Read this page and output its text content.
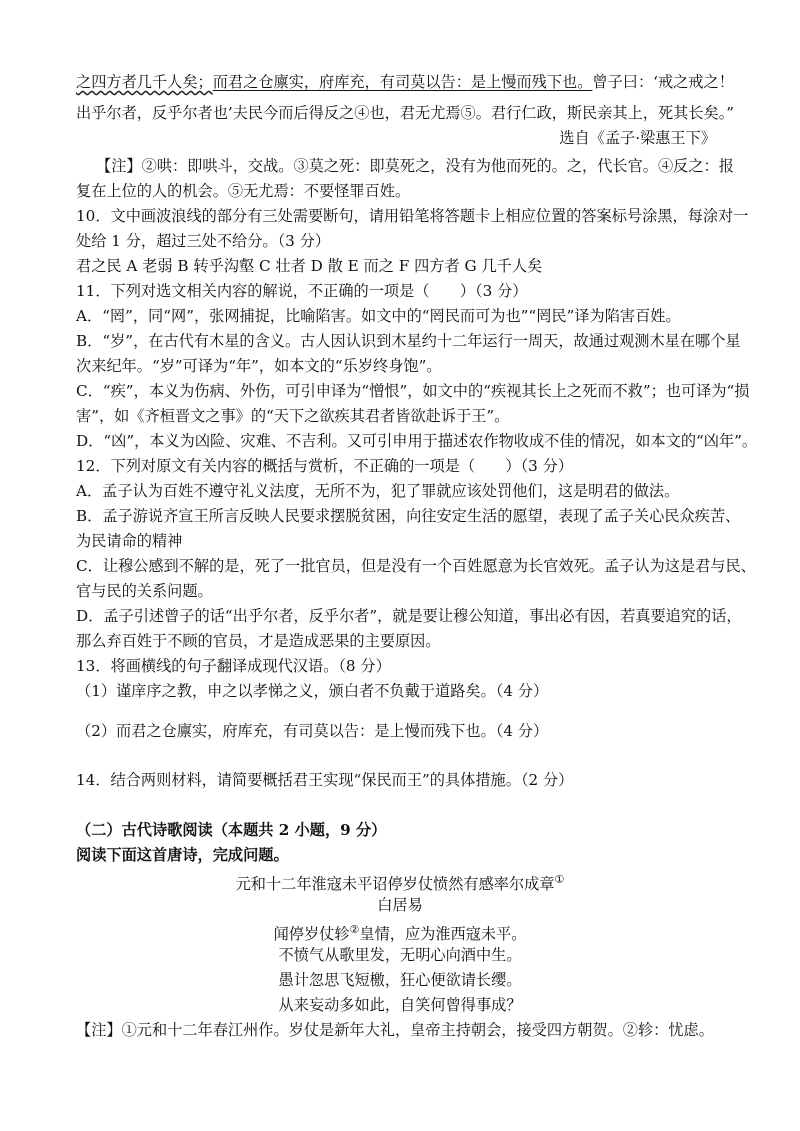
之四方者几千人矣；而君之仓廪实，府库充，有司莫以告：是上慢而残下也。曾子曰：‘戒之戒之！
出乎尔者，反乎尔者也’夫民今而后得反之④也，君无尤焉⑤。君行仁政，斯民亲其上，死其长矣。”
选自《孟子·梁惠王下》
【注】②哄：即哄斗，交战。③莫之死：即莫死之，没有为他而死的。之，代长官。④反之：报
复在上位的人的机会。⑤无尤焉：不要怪罪百姓。
10．文中画波浪线的部分有三处需要断句，请用铅笔将答题卡上相应位置的答案标号涂黑，每涂对一
处给 1 分，超过三处不给分。（3 分）
君之民 A 老弱 B 转乎沟壑 C 壮者 D 散 E 而之 F 四方者 G 几千人矣
11．下列对选文相关内容的解说，不正确的一项是（　　）（3 分）
A．“罔”，同“网”，张网捕捉，比喻陷害。如文中的“罔民而可为也”“罔民”译为陷害百姓。
B．“岁”，在古代有木星的含义。古人因认识到木星约十二年运行一周天，故通过观测木星在哪个星
次来纪年。“岁”可译为“年”，如本文的“乐岁终身饱”。
C．“疾”，本义为伤病、外伤，可引申译为“憎恨”，如文中的“疾视其长上之死而不救”；也可译为“损
害”，如《齐桓晋文之事》的“天下之欲疾其君者皆欲赴诉于王”。
D．“凶”，本义为凶险、灾难、不吉利。又可引申用于描述农作物收成不佳的情况，如本文的“凶年”。
12．下列对原文有关内容的概括与赏析，不正确的一项是（　　）（3 分）
A．孟子认为百姓不遵守礼义法度，无所不为，犯了罪就应该处罚他们，这是明君的做法。
B．孟子游说齐宣王所言反映人民要求摆脱贫困，向往安定生活的愿望，表现了孟子关心民众疾苦、
为民请命的精神
C．让穆公感到不解的是，死了一批官员，但是没有一个百姓愿意为长官效死。孟子认为这是君与民、
官与民的关系问题。
D．孟子引述曾子的话“出乎尔者，反乎尔者”，就是要让穆公知道，事出必有因，若真要追究的话，
那么弃百姓于不顾的官员，才是造成恶果的主要原因。
13．将画横线的句子翻译成现代汉语。（8 分）
（1）谨庠序之教，申之以孝悌之义，颁白者不负戴于道路矣。（4 分）
（2）而君之仓廪实，府库充，有司莫以告：是上慢而残下也。（4 分）
14．结合两则材料，请简要概括君王实现“保民而王”的具体措施。（2 分）
（二）古代诗歌阅读（本题共 2 小题，9 分）
阅读下面这首唐诗，完成问题。
元和十二年淮寇未平诏停岁仗愤然有感率尔成章①
白居易
闻停岁仗轸②皇情，应为淮西寇未平。
不愤气从歌里发，无明心向酒中生。
愚计忽思飞短檄，狂心便欲请长缨。
从来妄动多如此，自笑何曾得事成？
【注】①元和十二年春江州作。岁仗是新年大礼，皇帝主持朝会，接受四方朝贺。②轸：忧虑。
